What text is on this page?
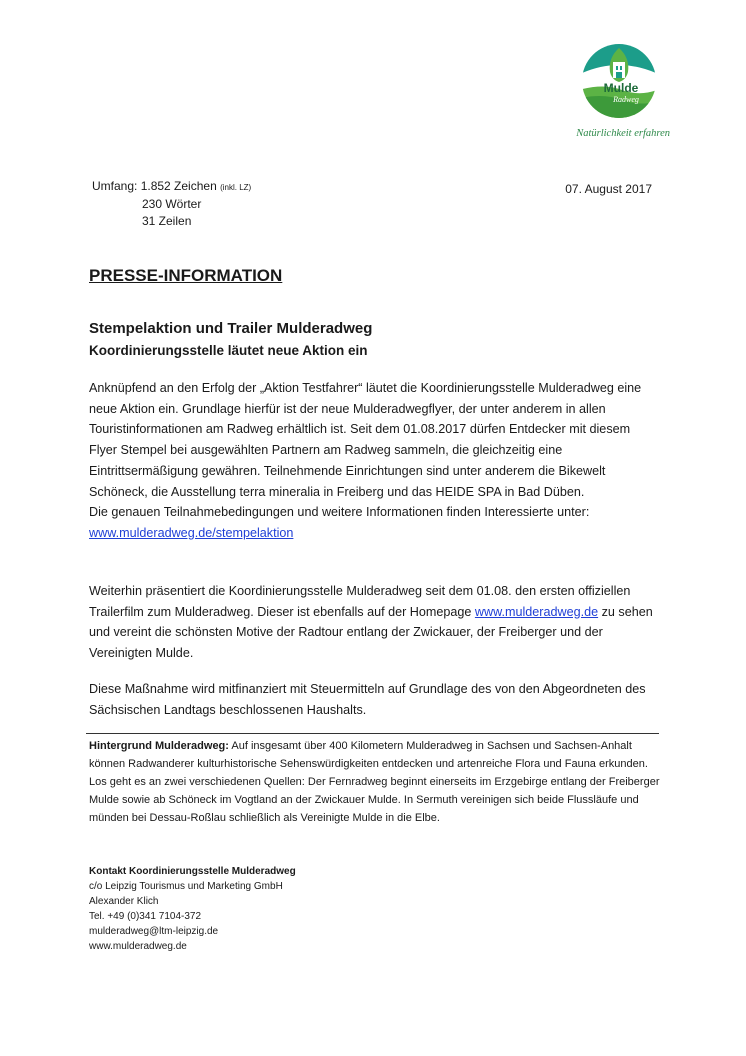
Mulde
Radweg
Natürlichkeit erfahren
Umfang: 1.852 Zeichen (inkl. LZ)
230 Wörter
31 Zeilen
07. August 2017
PRESSE-INFORMATION
Stempelaktion und Trailer Mulderadweg
Koordinierungsstelle läutet neue Aktion ein
Anknüpfend an den Erfolg der „Aktion Testfahrer“ läutet die Koordinierungsstelle Mulderadweg eine neue Aktion ein. Grundlage hierfür ist der neue Mulderadwegflyer, der unter anderem in allen Touristinformationen am Radweg erhältlich ist. Seit dem 01.08.2017 dürfen Entdecker mit diesem Flyer Stempel bei ausgewählten Partnern am Radweg sammeln, die gleichzeitig eine Eintrittsermäßigung gewähren. Teilnehmende Einrichtungen sind unter anderem die Bikewelt Schöneck, die Ausstellung terra mineralia in Freiberg und das HEIDE SPA in Bad Düben.
Die genauen Teilnahmebedingungen und weitere Informationen finden Interessierte unter:
www.mulderadweg.de/stempelaktion
Weiterhin präsentiert die Koordinierungsstelle Mulderadweg seit dem 01.08. den ersten offiziellen Trailerfilm zum Mulderadweg. Dieser ist ebenfalls auf der Homepage www.mulderadweg.de zu sehen und vereint die schönsten Motive der Radtour entlang der Zwickauer, der Freiberger und der Vereinigten Mulde.
Diese Maßnahme wird mitfinanziert mit Steuermitteln auf Grundlage des von den Abgeordneten des Sächsischen Landtags beschlossenen Haushalts.
Hintergrund Mulderadweg: Auf insgesamt über 400 Kilometern Mulderadweg in Sachsen und Sachsen-Anhalt können Radwanderer kulturhistorische Sehenswürdigkeiten entdecken und artenreiche Flora und Fauna erkunden. Los geht es an zwei verschiedenen Quellen: Der Fernradweg beginnt einerseits im Erzgebirge entlang der Freiberger Mulde sowie ab Schöneck im Vogtland an der Zwickauer Mulde. In Sermuth vereinigen sich beide Flussläufe und münden bei Dessau-Roßlau schließlich als Vereinigte Mulde in die Elbe.
Kontakt Koordinierungsstelle Mulderadweg
c/o Leipzig Tourismus und Marketing GmbH
Alexander Klich
Tel. +49 (0)341 7104-372
mulderadweg@ltm-leipzig.de
www.mulderadweg.de
